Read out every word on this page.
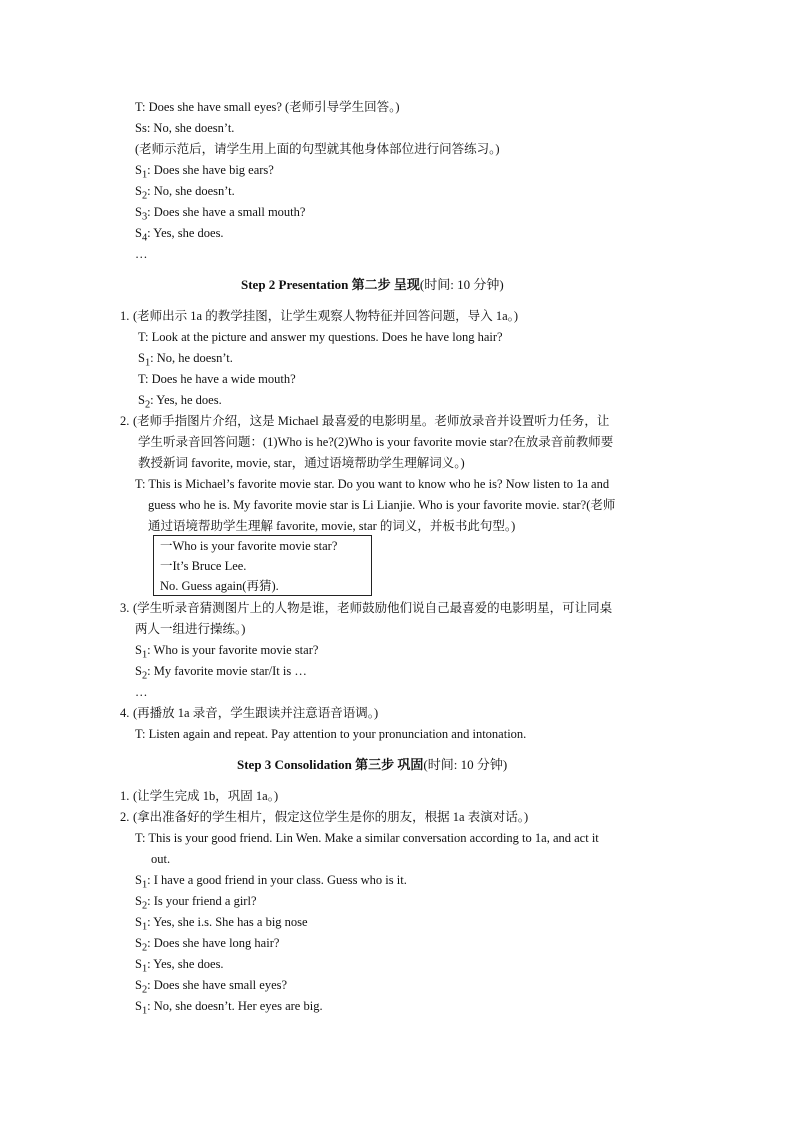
T: Does she have small eyes? (老师引导学生回答。)
Ss: No, she doesn’t.
(老师示范后，请学生用上面的句型就其他身体部位进行问答练习。)
$S_1$: Does she have big ears?
$S_2$: No, she doesn’t.
$S_3$: Does she have a small mouth?
$S_4$: Yes, she does.
…
Step 2 Presentation 第二步 呈现(时间: 10 分钟)
1. (老师出示 1a 的教学挂图，让学生观察人物特征并回答问题，导入 1a。)
T: Look at the picture and answer my questions. Does he have long hair?
$S_1$: No, he doesn’t.
T: Does he have a wide mouth?
$S_2$: Yes, he does.
2. (老师手指图片介绍，这是 Michael 最喜爱的电影明星。老师放录音并设置听力任务，让
学生听录音回答问题：(1)Who is he?(2)Who is your favorite movie star?在放录音前教师要
教授新词 favorite, movie, star，通过语境帮助学生理解词义。)
T: This is Michael’s favorite movie star. Do you want to know who he is? Now listen to 1a and
guess who he is. My favorite movie star is Li Lianjie. Who is your favorite movie. star?(老师
通过语境帮助学生理解 favorite, movie, star 的词义，并板书此句型。)
一Who is your favorite movie star?
一It’s Bruce Lee.
No. Guess again(再猜).
3. (学生听录音猜测图片上的人物是谁，老师鼓励他们说自己最喜爱的电影明星，可让同桌
两人一组进行操练。)
$S_1$: Who is your favorite movie star?
$S_2$: My favorite movie star/It is …
…
4. (再播放 1a 录音，学生跟读并注意语音语调。)
T: Listen again and repeat. Pay attention to your pronunciation and intonation.
Step 3 Consolidation 第三步 巩固(时间: 10 分钟)
1. (让学生完成 1b，巩固 1a。)
2. (拿出准备好的学生相片，假定这位学生是你的朋友，根据 1a 表演对话。)
T: This is your good friend. Lin Wen. Make a similar conversation according to 1a, and act it
out.
$S_1$: I have a good friend in your class. Guess who is it.
$S_2$: Is your friend a girl?
$S_1$: Yes, she i.s. She has a big nose
$S_2$: Does she have long hair?
$S_1$: Yes, she does.
$S_2$: Does she have small eyes?
$S_1$: No, she doesn’t. Her eyes are big.
